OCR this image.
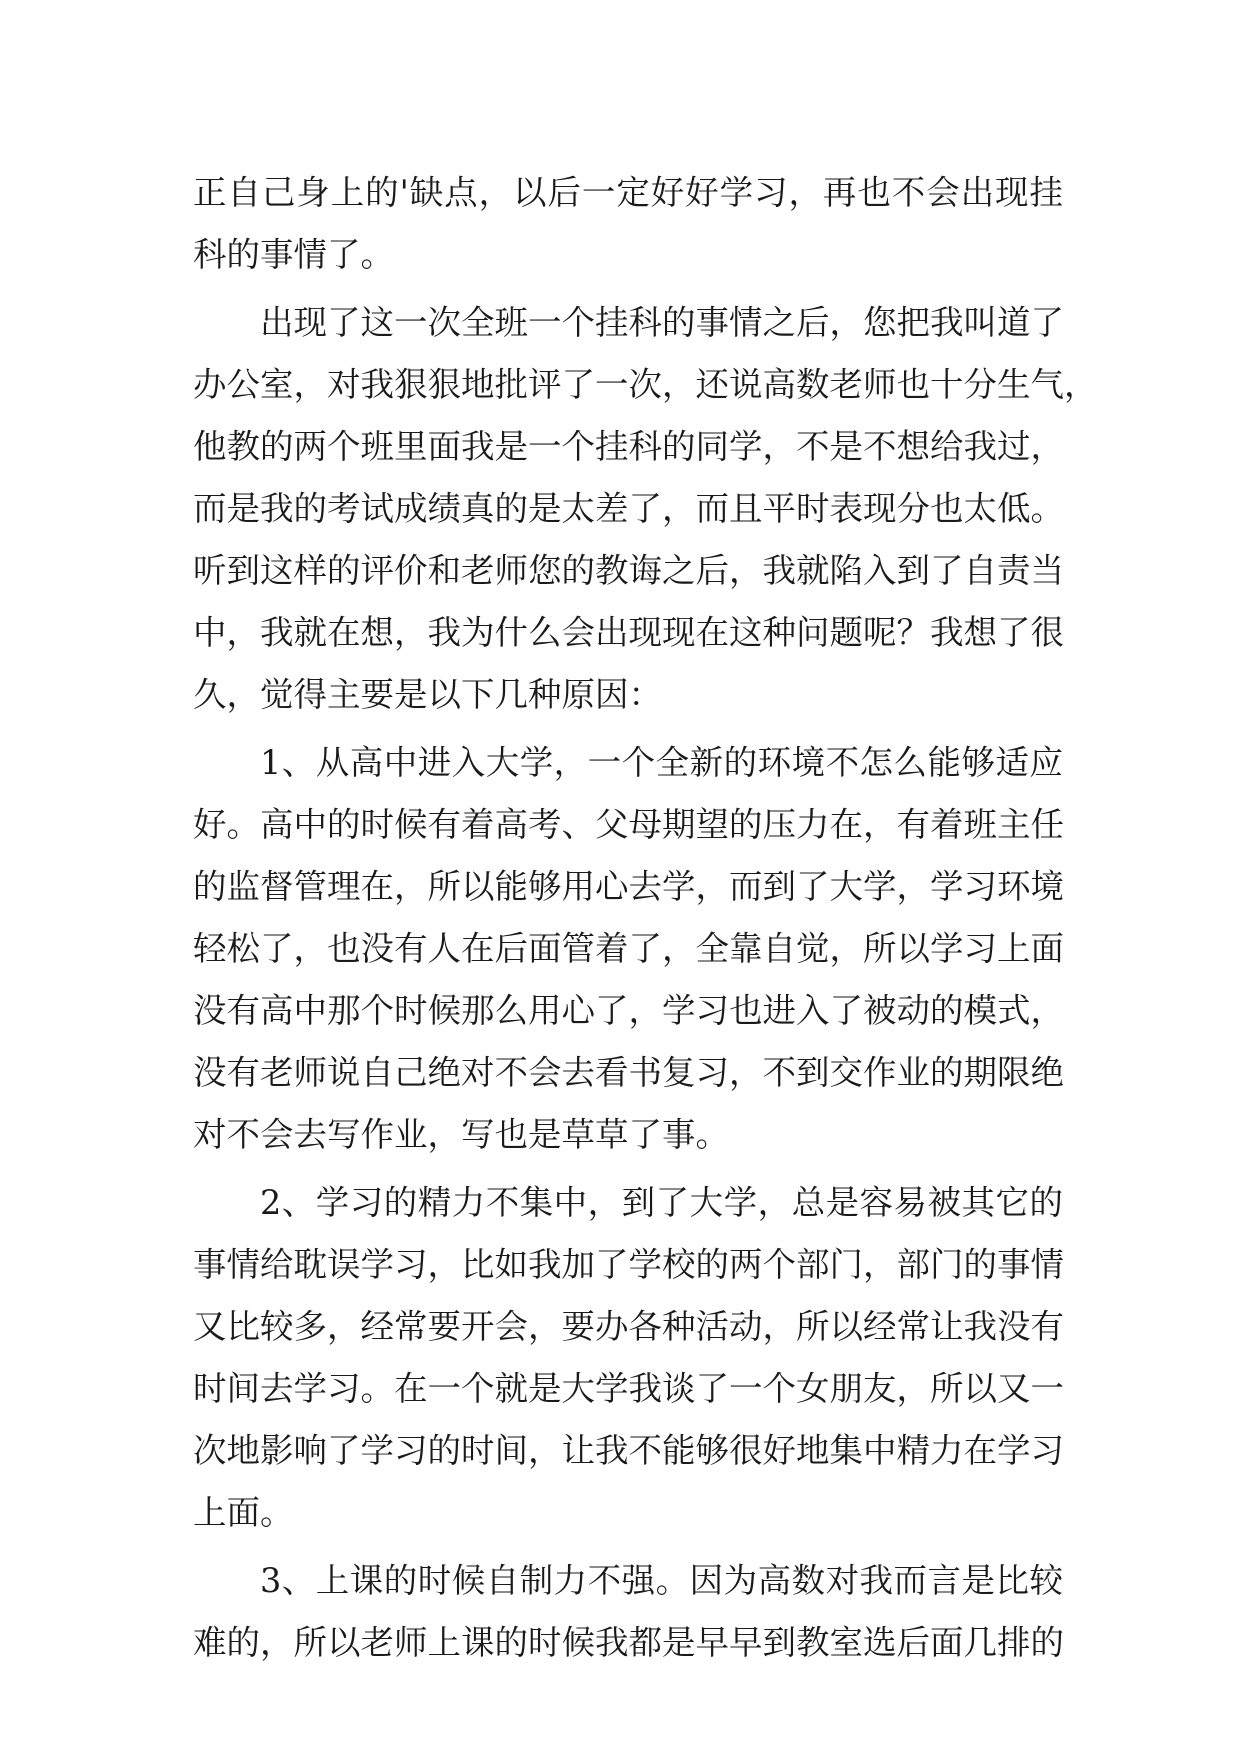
正自己身上的'缺点，以后一定好好学习，再也不会出现挂
科的事情了。
出现了这一次全班一个挂科的事情之后，您把我叫道了
办公室，对我狠狠地批评了一次，还说高数老师也十分生气，
他教的两个班里面我是一个挂科的同学，不是不想给我过，
而是我的考试成绩真的是太差了，而且平时表现分也太低。
听到这样的评价和老师您的教诲之后，我就陷入到了自责当
中，我就在想，我为什么会出现现在这种问题呢？我想了很
久，觉得主要是以下几种原因：
1、从高中进入大学，一个全新的环境不怎么能够适应
好。高中的时候有着高考、父母期望的压力在，有着班主任
的监督管理在，所以能够用心去学，而到了大学，学习环境
轻松了，也没有人在后面管着了，全靠自觉，所以学习上面
没有高中那个时候那么用心了，学习也进入了被动的模式，
没有老师说自己绝对不会去看书复习，不到交作业的期限绝
对不会去写作业，写也是草草了事。
2、学习的精力不集中，到了大学，总是容易被其它的
事情给耽误学习，比如我加了学校的两个部门，部门的事情
又比较多，经常要开会，要办各种活动，所以经常让我没有
时间去学习。在一个就是大学我谈了一个女朋友，所以又一
次地影响了学习的时间，让我不能够很好地集中精力在学习
上面。
3、上课的时候自制力不强。因为高数对我而言是比较
难的，所以老师上课的时候我都是早早到教室选后面几排的
